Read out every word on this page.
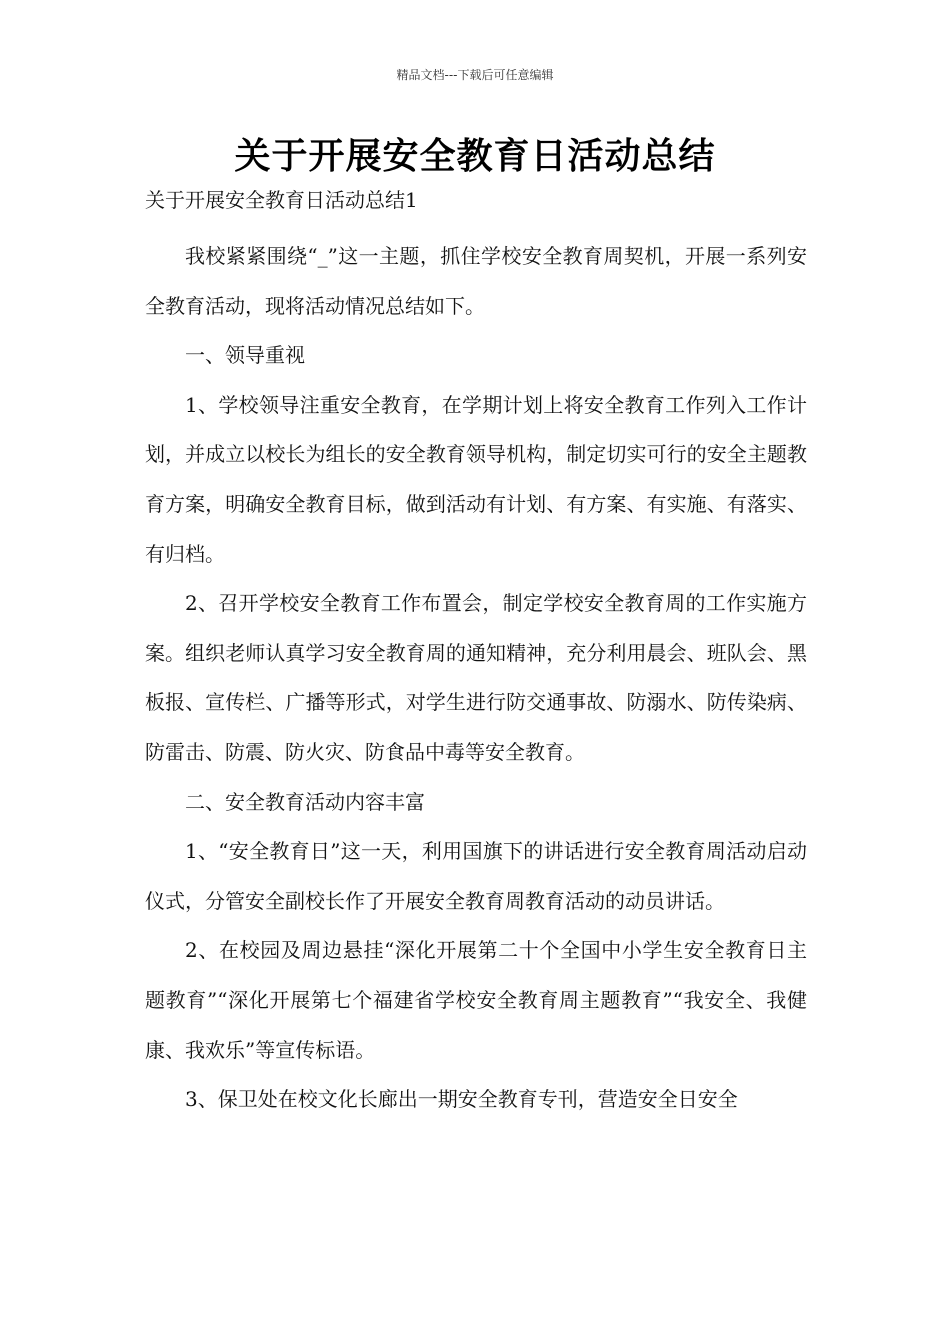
精品文档---下载后可任意编辑
关于开展安全教育日活动总结
关于开展安全教育日活动总结1

我校紧紧围绕“_”这一主题，抓住学校安全教育周契机，开展一系列安全教育活动，现将活动情况总结如下。

一、领导重视

1、学校领导注重安全教育，在学期计划上将安全教育工作列入工作计划，并成立以校长为组长的安全教育领导机构，制定切实可行的安全主题教育方案，明确安全教育目标，做到活动有计划、有方案、有实施、有落实、有归档。

2、召开学校安全教育工作布置会，制定学校安全教育周的工作实施方案。组织老师认真学习安全教育周的通知精神，充分利用晨会、班队会、黑板报、宣传栏、广播等形式，对学生进行防交通事故、防溺水、防传染病、防雷击、防震、防火灾、防食品中毒等安全教育。

二、安全教育活动内容丰富

1、“安全教育日”这一天，利用国旗下的讲话进行安全教育周活动启动仪式，分管安全副校长作了开展安全教育周教育活动的动员讲话。

2、在校园及周边悬挂“深化开展第二十个全国中小学生安全教育日主题教育”“深化开展第七个福建省学校安全教育周主题教育”“我安全、我健康、我欢乐”等宣传标语。

3、保卫处在校文化长廊出一期安全教育专刊，营造安全日安全
